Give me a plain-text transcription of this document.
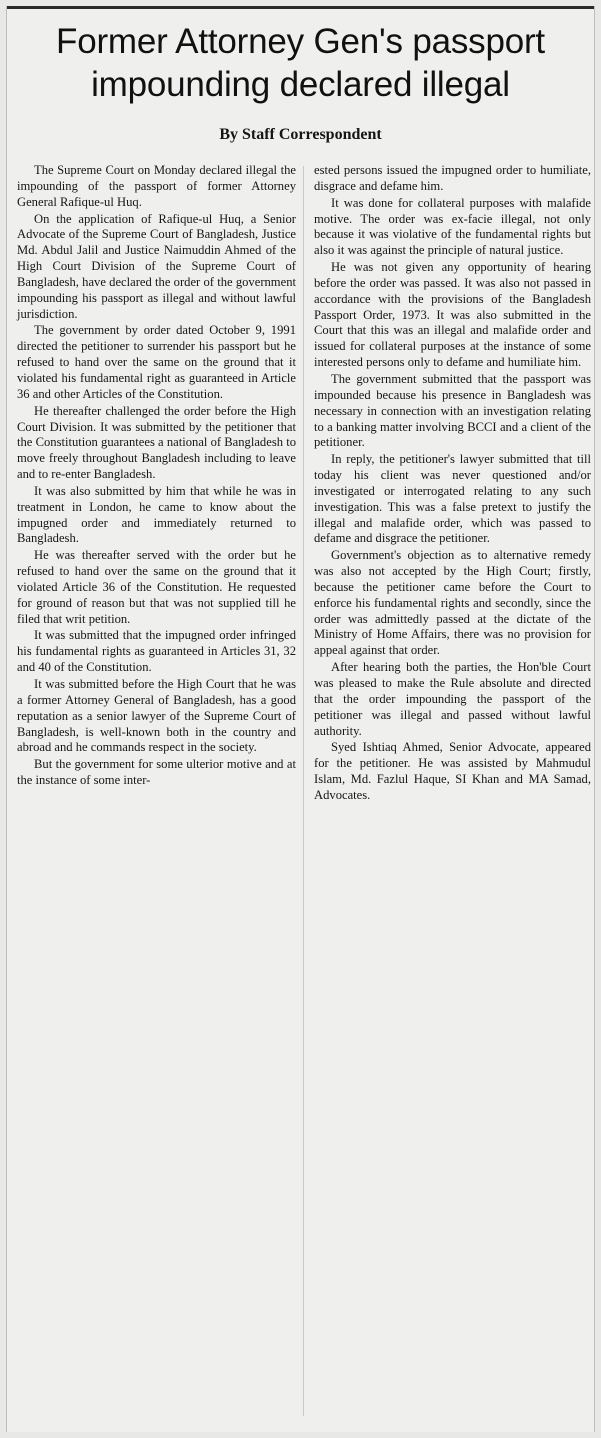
Former Attorney Gen's passport
impounding declared illegal
By Staff Correspondent

The Supreme Court on Monday declared illegal the impounding of the passport of former Attorney General Rafique-ul Huq.

On the application of Rafique-ul Huq, a Senior Advocate of the Supreme Court of Bangladesh, Justice Md. Abdul Jalil and Justice Naimuddin Ahmed of the High Court Division of the Supreme Court of Bangladesh, have declared the order of the government impounding his passport as illegal and without lawful jurisdiction.

The government by order dated October 9, 1991 directed the petitioner to surrender his passport but he refused to hand over the same on the ground that it violated his fundamental right as guaranteed in Article 36 and other Articles of the Constitution.

He thereafter challenged the order before the High Court Division. It was submitted by the petitioner that the Constitution guarantees a national of Bangladesh to move freely throughout Bangladesh including to leave and to re-enter Bangladesh.

It was also submitted by him that while he was in treatment in London, he came to know about the impugned order and immediately returned to Bangladesh.

He was thereafter served with the order but he refused to hand over the same on the ground that it violated Article 36 of the Constitution. He requested for ground of reason but that was not supplied till he filed that writ petition.

It was submitted that the impugned order infringed his fundamental rights as guaranteed in Articles 31, 32 and 40 of the Constitution.

It was submitted before the High Court that he was a former Attorney General of Bangladesh, has a good reputation as a senior lawyer of the Supreme Court of Bangladesh, is well-known both in the country and abroad and he commands respect in the society.

But the government for some ulterior motive and at the instance of some inter-

ested persons issued the impugned order to humiliate, disgrace and defame him.

It was done for collateral purposes with malafide motive. The order was ex-facie illegal, not only because it was violative of the fundamental rights but also it was against the principle of natural justice.

He was not given any opportunity of hearing before the order was passed. It was also not passed in accordance with the provisions of the Bangladesh Passport Order, 1973. It was also submitted in the Court that this was an illegal and malafide order and issued for collateral purposes at the instance of some interested persons only to defame and humiliate him.

The government submitted that the passport was impounded because his presence in Bangladesh was necessary in connection with an investigation relating to a banking matter involving BCCI and a client of the petitioner.

In reply, the petitioner's lawyer submitted that till today his client was never questioned and/or investigated or interrogated relating to any such investigation. This was a false pretext to justify the illegal and malafide order, which was passed to defame and disgrace the petitioner.

Government's objection as to alternative remedy was also not accepted by the High Court; firstly, because the petitioner came before the Court to enforce his fundamental rights and secondly, since the order was admittedly passed at the dictate of the Ministry of Home Affairs, there was no provision for appeal against that order.

After hearing both the parties, the Hon'ble Court was pleased to make the Rule absolute and directed that the order impounding the passport of the petitioner was illegal and passed without lawful authority.

Syed Ishtiaq Ahmed, Senior Advocate, appeared for the petitioner. He was assisted by Mahmudul Islam, Md. Fazlul Haque, SI Khan and MA Samad, Advocates.
